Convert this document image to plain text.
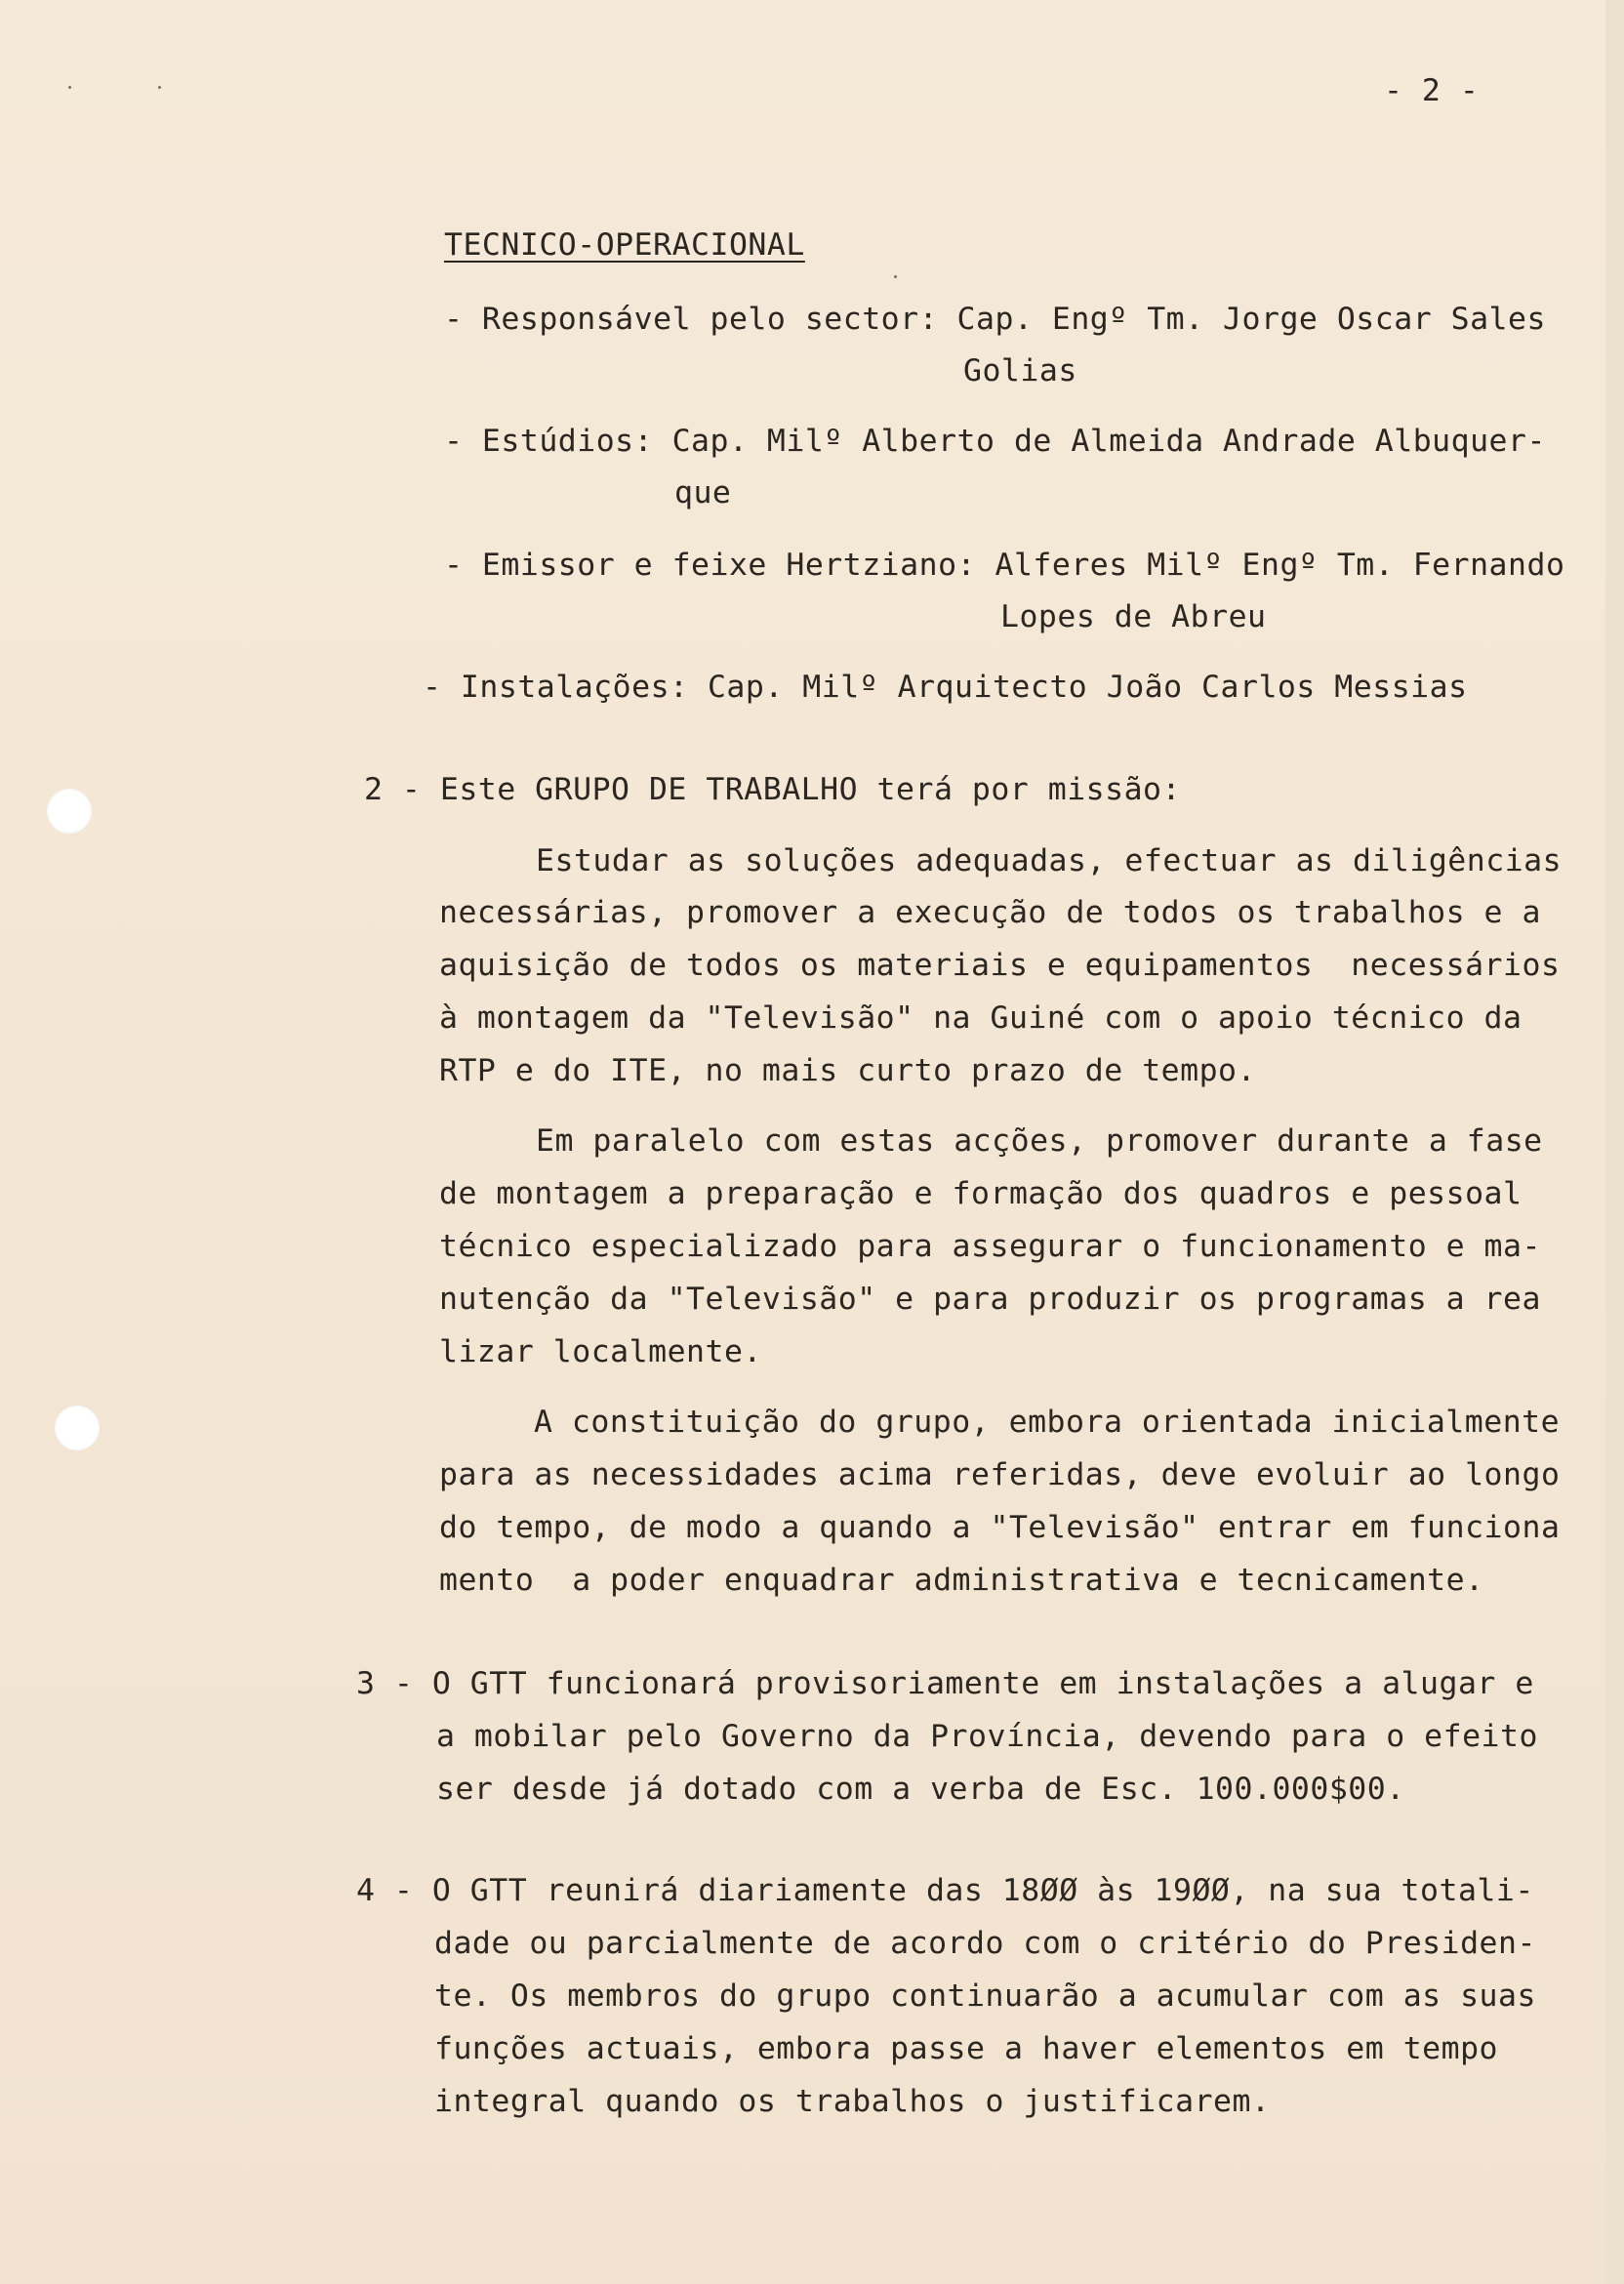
- 2 -
TECNICO-OPERACIONAL
- Responsável pelo sector: Cap. Engº Tm. Jorge Oscar Sales
Golias
- Estúdios: Cap. Milº Alberto de Almeida Andrade Albuquer-
que
- Emissor e feixe Hertziano: Alferes Milº Engº Tm. Fernando
Lopes de Abreu
- Instalações: Cap. Milº Arquitecto João Carlos Messias
2 - Este GRUPO DE TRABALHO terá por missão:
Estudar as soluções adequadas, efectuar as diligências
necessárias, promover a execução de todos os trabalhos e a
aquisição de todos os materiais e equipamentos  necessários
à montagem da "Televisão" na Guiné com o apoio técnico da
RTP e do ITE, no mais curto prazo de tempo.
Em paralelo com estas acções, promover durante a fase
de montagem a preparação e formação dos quadros e pessoal
técnico especializado para assegurar o funcionamento e ma-
nutenção da "Televisão" e para produzir os programas a rea
lizar localmente.
A constituição do grupo, embora orientada inicialmente
para as necessidades acima referidas, deve evoluir ao longo
do tempo, de modo a quando a "Televisão" entrar em funciona
mento  a poder enquadrar administrativa e tecnicamente.
3 - O GTT funcionará provisoriamente em instalações a alugar e
a mobilar pelo Governo da Província, devendo para o efeito
ser desde já dotado com a verba de Esc. 100.000$00.
4 - O GTT reunirá diariamente das 18ØØ às 19ØØ, na sua totali-
dade ou parcialmente de acordo com o critério do Presiden-
te. Os membros do grupo continuarão a acumular com as suas
funções actuais, embora passe a haver elementos em tempo
integral quando os trabalhos o justificarem.
